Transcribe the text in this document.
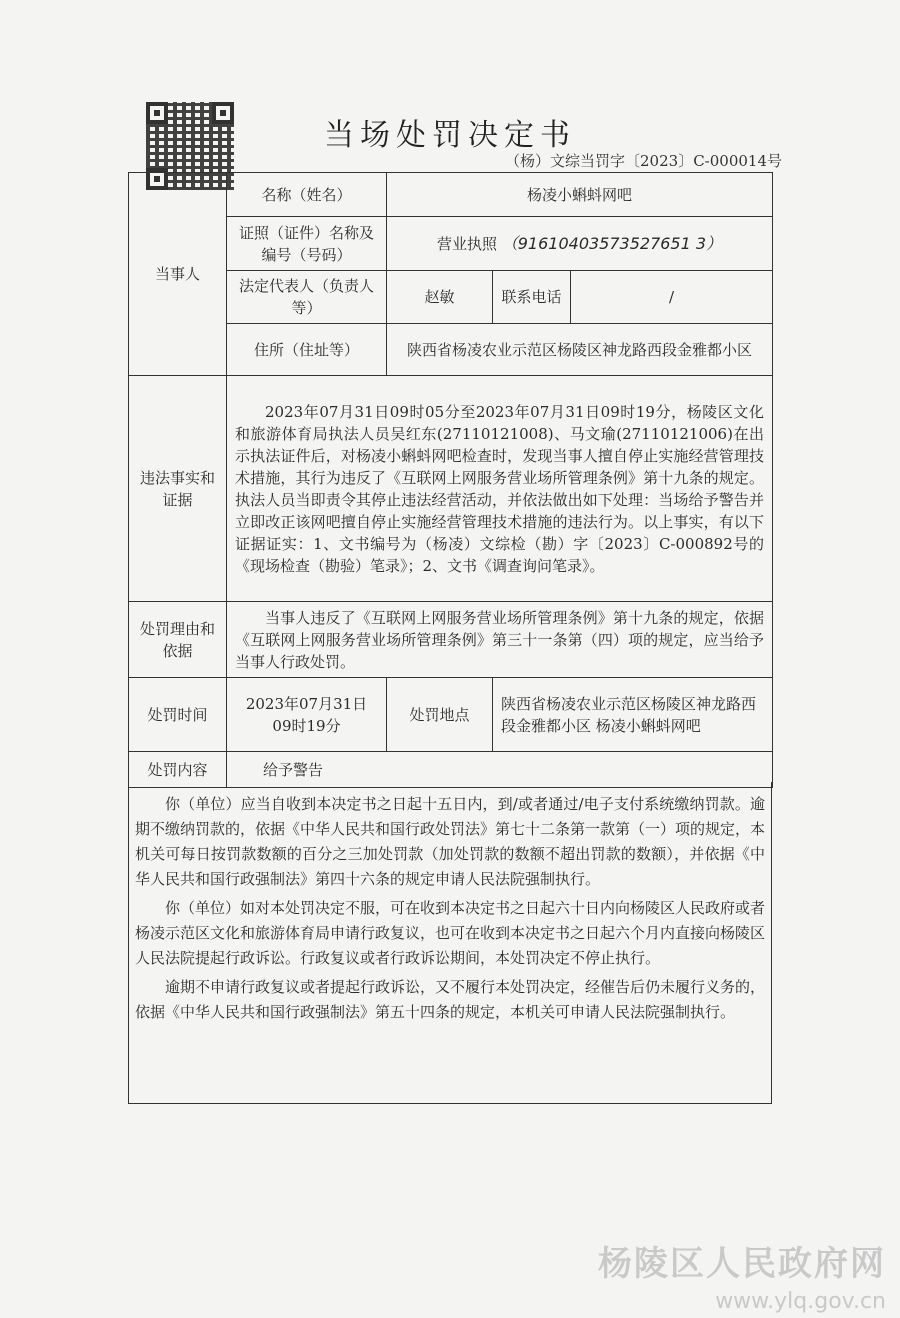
当场处罚决定书
（杨）文综当罚字〔2023〕C-000014号
当事人	名称（姓名）	杨凌小蝌蚪网吧		
	证照（证件）名称及编号（号码）	营业执照 （91610403573527651 3）		
	法定代表人（负责人等）	赵敏	联系电话	/
	住所（住址等）	陕西省杨凌农业示范区杨陵区神龙路西段金雅都小区		
违法事实和证据	2023年07月31日09时05分至2023年07月31日09时19分，杨陵区文化和旅游体育局执法人员吴红东(27110121008)、马文瑜(27110121006)在出示执法证件后，对杨凌小蝌蚪网吧检查时，发现当事人擅自停止实施经营管理技术措施，其行为违反了《互联网上网服务营业场所管理条例》第十九条的规定。执法人员当即责令其停止违法经营活动，并依法做出如下处理：当场给予警告并立即改正该网吧擅自停止实施经营管理技术措施的违法行为。以上事实，有以下证据证实：1、文书编号为（杨凌）文综检（勘）字〔2023〕C-000892号的《现场检查（勘验）笔录》；2、文书《调查询问笔录》。			
处罚理由和依据	当事人违反了《互联网上网服务营业场所管理条例》第十九条的规定，依据《互联网上网服务营业场所管理条例》第三十一条第（四）项的规定，应当给予当事人行政处罚。			
处罚时间	2023年07月31日 09时19分	处罚地点	陕西省杨凌农业示范区杨陵区神龙路西段金雅都小区 杨凌小蝌蚪网吧	
处罚内容	给予警告			

你（单位）应当自收到本决定书之日起十五日内，到/或者通过/电子支付系统缴纳罚款。逾期不缴纳罚款的，依据《中华人民共和国行政处罚法》第七十二条第一款第（一）项的规定，本机关可每日按罚款数额的百分之三加处罚款（加处罚款的数额不超出罚款的数额），并依据《中华人民共和国行政强制法》第四十六条的规定申请人民法院强制执行。

你（单位）如对本处罚决定不服，可在收到本决定书之日起六十日内向杨陵区人民政府或者杨凌示范区文化和旅游体育局申请行政复议，也可在收到本决定书之日起六个月内直接向杨陵区人民法院提起行政诉讼。行政复议或者行政诉讼期间，本处罚决定不停止执行。

逾期不申请行政复议或者提起行政诉讼，又不履行本处罚决定，经催告后仍未履行义务的，依据《中华人民共和国行政强制法》第五十四条的规定，本机关可申请人民法院强制执行。

杨陵区人民政府网
www.ylq.gov.cn
